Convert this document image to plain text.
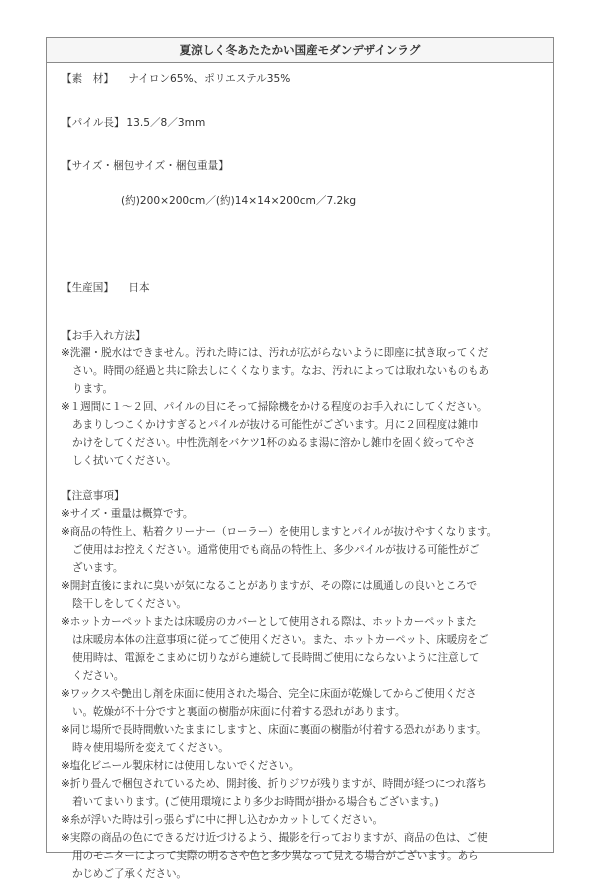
夏涼しく冬あたたかい国産モダンデザインラグ
【素　材】 ナイロン65%、ポリエステル35%
【パイル長】 13.5／8／3mm
【サイズ・梱包サイズ・梱包重量】
(約)200×200cm／(約)14×14×200cm／7.2kg
【生産国】 日本
【お手入れ方法】
※洗濯・脱水はできません。汚れた時には、汚れが広がらないように即座に拭き取ってくだ
さい。時間の経過と共に除去しにくくなります。なお、汚れによっては取れないものもあ
ります。
※１週間に１～２回、パイルの目にそって掃除機をかける程度のお手入れにしてください。
あまりしつこくかけすぎるとパイルが抜ける可能性がございます。月に２回程度は雑巾
かけをしてください。中性洗剤をバケツ1杯のぬるま湯に溶かし雑巾を固く絞ってやさ
しく拭いてください。
【注意事項】
※サイズ・重量は概算です。
※商品の特性上、粘着クリーナー（ローラー）を使用しますとパイルが抜けやすくなります。
ご使用はお控えください。通常使用でも商品の特性上、多少パイルが抜ける可能性がご
ざいます。
※開封直後にまれに臭いが気になることがありますが、その際には風通しの良いところで
陰干しをしてください。
※ホットカーペットまたは床暖房のカバーとして使用される際は、ホットカーペットまた
は床暖房本体の注意事項に従ってご使用ください。また、ホットカーペット、床暖房をご
使用時は、電源をこまめに切りながら連続して長時間ご使用にならないように注意して
ください。
※ワックスや艶出し剤を床面に使用された場合、完全に床面が乾燥してからご使用くださ
い。乾燥が不十分ですと裏面の樹脂が床面に付着する恐れがあります。
※同じ場所で長時間敷いたままにしますと、床面に裏面の樹脂が付着する恐れがあります。
時々使用場所を変えてください。
※塩化ビニール製床材には使用しないでください。
※折り畳んで梱包されているため、開封後、折りジワが残りますが、時間が経つにつれ落ち
着いてまいります。(ご使用環境により多少お時間が掛かる場合もございます。)
※糸が浮いた時は引っ張らずに中に押し込むかカットしてください。
※実際の商品の色にできるだけ近づけるよう、撮影を行っておりますが、商品の色は、ご使
用のモニターによって実際の明るさや色と多少異なって見える場合がございます。あら
かじめご了承ください。
